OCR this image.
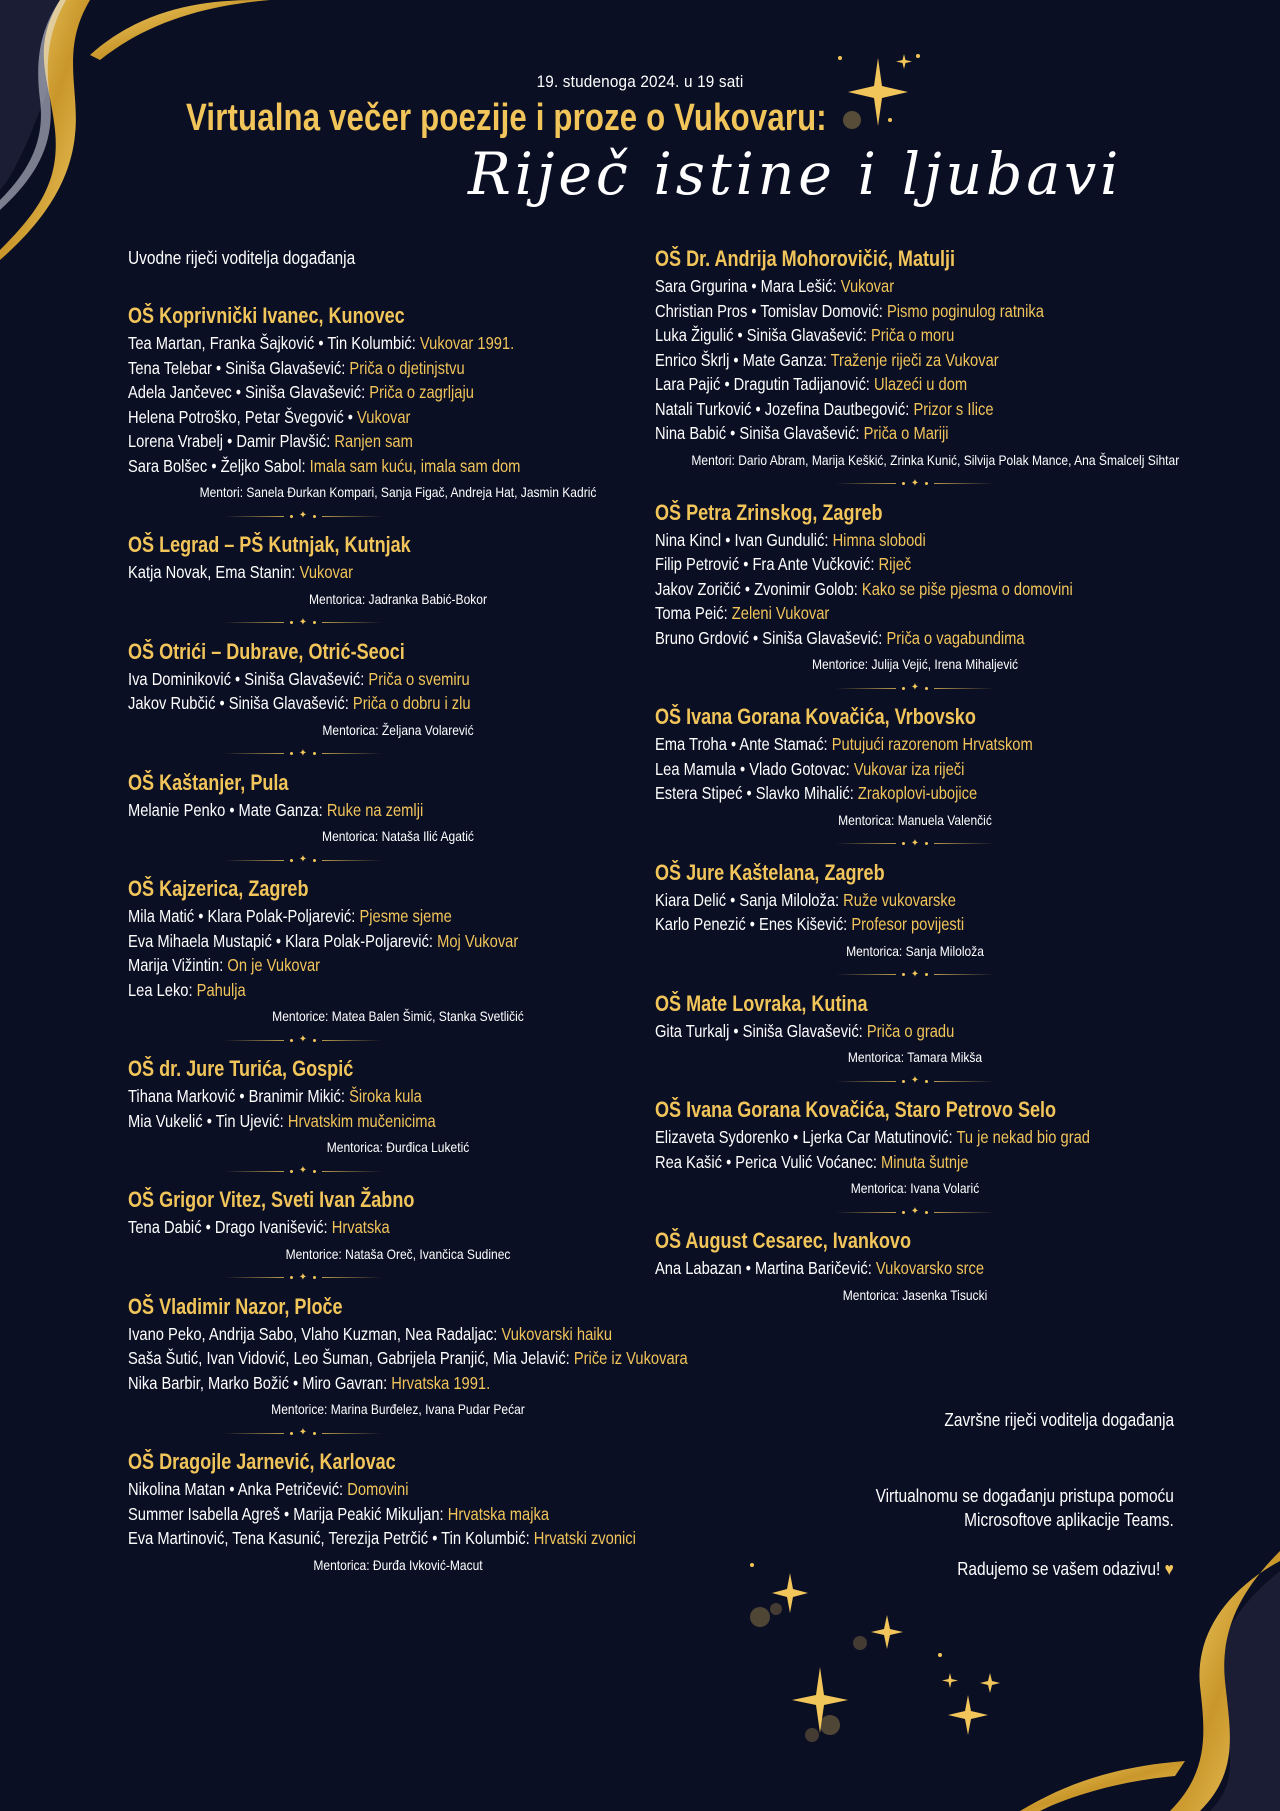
19. studenoga 2024. u 19 sati
Virtualna večer poezije i proze o Vukovaru:
Riječ istine i ljubavi
Uvodne riječi voditelja događanja
OŠ Koprivnički Ivanec, Kunovec
Tea Martan, Franka Šajković • Tin Kolumbić: Vukovar 1991.
Tena Telebar • Siniša Glavašević: Priča o djetinjstvu
Adela Jančevec • Siniša Glavašević: Priča o zagrljaju
Helena Potroško, Petar Švegović • Vukovar
Lorena Vrabelj • Damir Plavšić: Ranjen sam
Sara Bolšec • Željko Sabol: Imala sam kuću, imala sam dom
Mentori: Sanela Đurkan Kompari, Sanja Figač, Andreja Hat, Jasmin Kadrić
✦
OŠ Legrad – PŠ Kutnjak, Kutnjak
Katja Novak, Ema Stanin: Vukovar
Mentorica: Jadranka Babić-Bokor
✦
OŠ Otrići – Dubrave, Otrić-Seoci
Iva Dominiković • Siniša Glavašević: Priča o svemiru
Jakov Rubčić • Siniša Glavašević: Priča o dobru i zlu
Mentorica: Željana Volarević
✦
OŠ Kaštanjer, Pula
Melanie Penko • Mate Ganza: Ruke na zemlji
Mentorica: Nataša Ilić Agatić
✦
OŠ Kajzerica, Zagreb
Mila Matić • Klara Polak-Poljarević: Pjesme sjeme
Eva Mihaela Mustapić • Klara Polak-Poljarević: Moj Vukovar
Marija Vižintin: On je Vukovar
Lea Leko: Pahulja
Mentorice: Matea Balen Šimić, Stanka Svetličić
✦
OŠ dr. Jure Turića, Gospić
Tihana Marković • Branimir Mikić: Široka kula
Mia Vukelić • Tin Ujević: Hrvatskim mučenicima
Mentorica: Đurđica Luketić
✦
OŠ Grigor Vitez, Sveti Ivan Žabno
Tena Dabić • Drago Ivanišević: Hrvatska
Mentorice: Nataša Oreč, Ivančica Sudinec
✦
OŠ Vladimir Nazor, Ploče
Ivano Peko, Andrija Sabo, Vlaho Kuzman, Nea Radaljac: Vukovarski haiku
Saša Šutić, Ivan Vidović, Leo Šuman, Gabrijela Pranjić, Mia Jelavić: Priče iz Vukovara
Nika Barbir, Marko Božić • Miro Gavran: Hrvatska 1991.
Mentorice: Marina Burđelez, Ivana Pudar Pećar
✦
OŠ Dragojle Jarnević, Karlovac
Nikolina Matan • Anka Petričević: Domovini
Summer Isabella Agreš • Marija Peakić Mikuljan: Hrvatska majka
Eva Martinović, Tena Kasunić, Terezija Petrčić • Tin Kolumbić: Hrvatski zvonici
Mentorica: Đurđa Ivković-Macut
OŠ Dr. Andrija Mohorovičić, Matulji
Sara Grgurina • Mara Lešić: Vukovar
Christian Pros • Tomislav Domović: Pismo poginulog ratnika
Luka Žigulić • Siniša Glavašević: Priča o moru
Enrico Škrlj • Mate Ganza: Traženje riječi za Vukovar
Lara Pajić • Dragutin Tadijanović: Ulazeći u dom
Natali Turković • Jozefina Dautbegović: Prizor s Ilice
Nina Babić • Siniša Glavašević: Priča o Mariji
Mentori: Dario Abram, Marija Keškić, Zrinka Kunić, Silvija Polak Mance, Ana Šmalcelj Sihtar
✦
OŠ Petra Zrinskog, Zagreb
Nina Kincl • Ivan Gundulić: Himna slobodi
Filip Petrović • Fra Ante Vučković: Riječ
Jakov Zoričić • Zvonimir Golob: Kako se piše pjesma o domovini
Toma Peić: Zeleni Vukovar
Bruno Grdović • Siniša Glavašević: Priča o vagabundima
Mentorice: Julija Vejić, Irena Mihaljević
✦
OŠ Ivana Gorana Kovačića, Vrbovsko
Ema Troha • Ante Stamać: Putujući razorenom Hrvatskom
Lea Mamula • Vlado Gotovac: Vukovar iza riječi
Estera Stipeć • Slavko Mihalić: Zrakoplovi-ubojice
Mentorica: Manuela Valenčić
✦
OŠ Jure Kaštelana, Zagreb
Kiara Delić • Sanja Miloloža: Ruže vukovarske
Karlo Penezić • Enes Kišević: Profesor povijesti
Mentorica: Sanja Miloloža
✦
OŠ Mate Lovraka, Kutina
Gita Turkalj • Siniša Glavašević: Priča o gradu
Mentorica: Tamara Mikša
✦
OŠ Ivana Gorana Kovačića, Staro Petrovo Selo
Elizaveta Sydorenko • Ljerka Car Matutinović: Tu je nekad bio grad
Rea Kašić • Perica Vulić Voćanec: Minuta šutnje
Mentorica: Ivana Volarić
✦
OŠ August Cesarec, Ivankovo
Ana Labazan • Martina Baričević: Vukovarsko srce
Mentorica: Jasenka Tisucki
Završne riječi voditelja događanja
Virtualnomu se događanju pristupa pomoću
Microsoftove aplikacije Teams.
Radujemo se vašem odazivu! ♥
